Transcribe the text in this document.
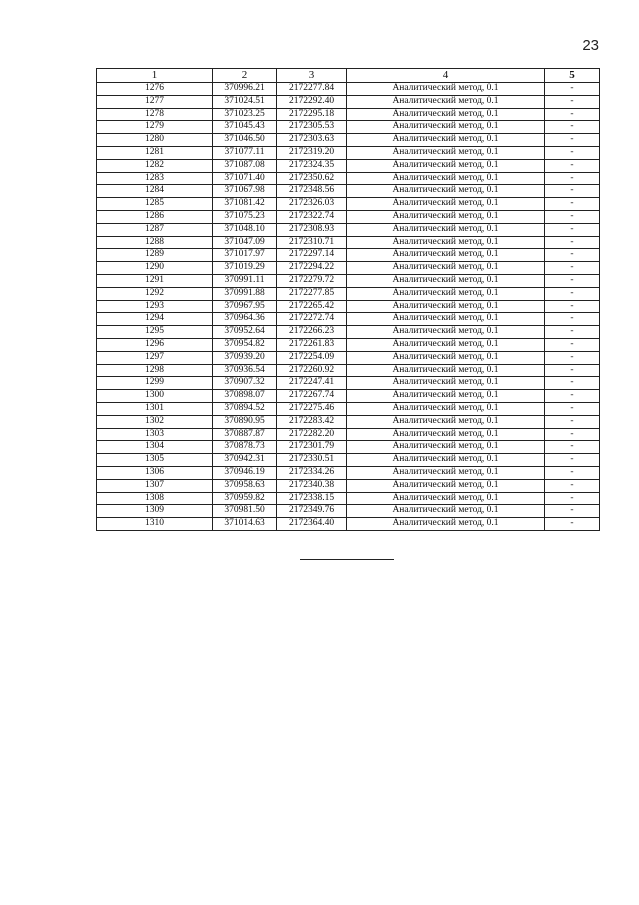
23
1	2	3	4	5
1276	370996.21	2172277.84	Аналитический метод, 0.1	-
1277	371024.51	2172292.40	Аналитический метод, 0.1	-
1278	371023.25	2172295.18	Аналитический метод, 0.1	-
1279	371045.43	2172305.53	Аналитический метод, 0.1	-
1280	371046.50	2172303.63	Аналитический метод, 0.1	-
1281	371077.11	2172319.20	Аналитический метод, 0.1	-
1282	371087.08	2172324.35	Аналитический метод, 0.1	-
1283	371071.40	2172350.62	Аналитический метод, 0.1	-
1284	371067.98	2172348.56	Аналитический метод, 0.1	-
1285	371081.42	2172326.03	Аналитический метод, 0.1	-
1286	371075.23	2172322.74	Аналитический метод, 0.1	-
1287	371048.10	2172308.93	Аналитический метод, 0.1	-
1288	371047.09	2172310.71	Аналитический метод, 0.1	-
1289	371017.97	2172297.14	Аналитический метод, 0.1	-
1290	371019.29	2172294.22	Аналитический метод, 0.1	-
1291	370991.11	2172279.72	Аналитический метод, 0.1	-
1292	370991.88	2172277.85	Аналитический метод, 0.1	-
1293	370967.95	2172265.42	Аналитический метод, 0.1	-
1294	370964.36	2172272.74	Аналитический метод, 0.1	-
1295	370952.64	2172266.23	Аналитический метод, 0.1	-
1296	370954.82	2172261.83	Аналитический метод, 0.1	-
1297	370939.20	2172254.09	Аналитический метод, 0.1	-
1298	370936.54	2172260.92	Аналитический метод, 0.1	-
1299	370907.32	2172247.41	Аналитический метод, 0.1	-
1300	370898.07	2172267.74	Аналитический метод, 0.1	-
1301	370894.52	2172275.46	Аналитический метод, 0.1	-
1302	370890.95	2172283.42	Аналитический метод, 0.1	-
1303	370887.87	2172282.20	Аналитический метод, 0.1	-
1304	370878.73	2172301.79	Аналитический метод, 0.1	-
1305	370942.31	2172330.51	Аналитический метод, 0.1	-
1306	370946.19	2172334.26	Аналитический метод, 0.1	-
1307	370958.63	2172340.38	Аналитический метод, 0.1	-
1308	370959.82	2172338.15	Аналитический метод, 0.1	-
1309	370981.50	2172349.76	Аналитический метод, 0.1	-
1310	371014.63	2172364.40	Аналитический метод, 0.1	-
